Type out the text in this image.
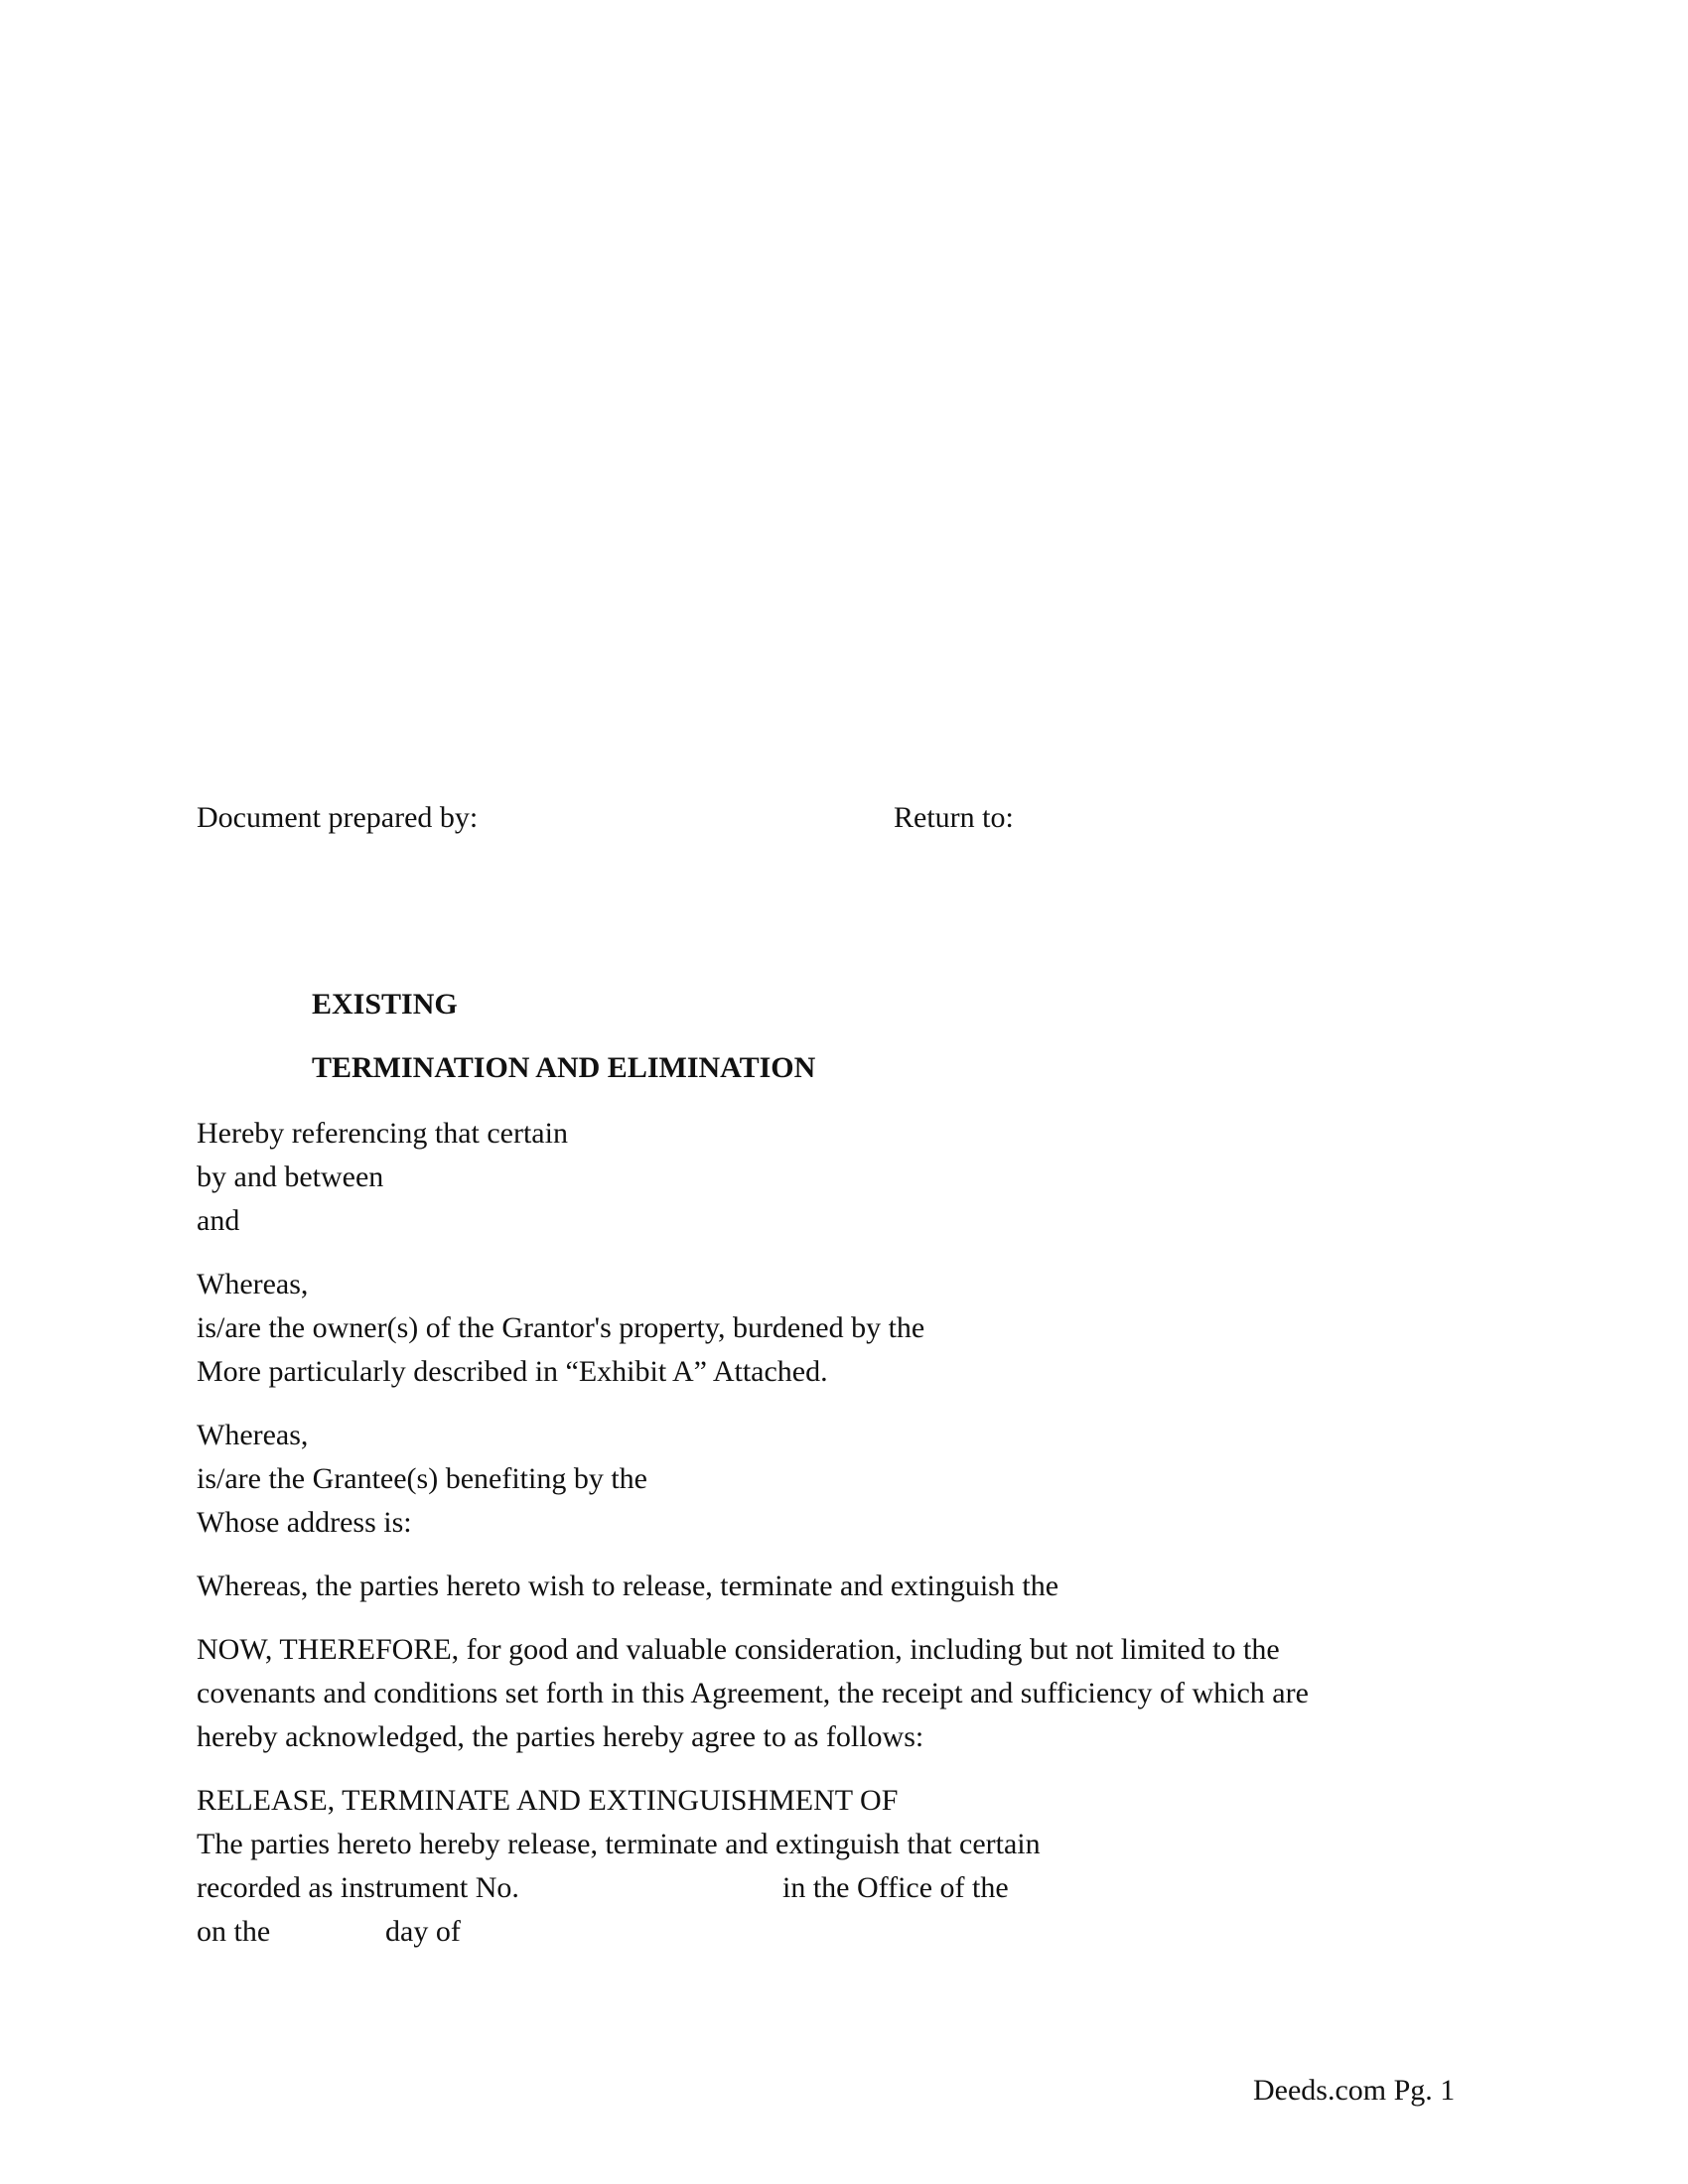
Document prepared by:	Return to:
EXISTING
TERMINATION AND ELIMINATION
Hereby referencing that certain
by and between
and
Whereas,
is/are the owner(s) of the Grantor's property, burdened by the
More particularly described in “Exhibit A” Attached.
Whereas,
is/are the Grantee(s) benefiting by the
Whose address is:
Whereas, the parties hereto wish to release, terminate and extinguish the
NOW, THEREFORE, for good and valuable consideration, including but not limited to the
covenants and conditions set forth in this Agreement, the receipt and sufficiency of which are
hereby acknowledged, the parties hereby agree to as follows:
RELEASE, TERMINATE AND EXTINGUISHMENT OF
The parties hereto hereby release, terminate and extinguish that certain
recorded as instrument No.	in the Office of the
on the	day of
Deeds.com Pg. 1
